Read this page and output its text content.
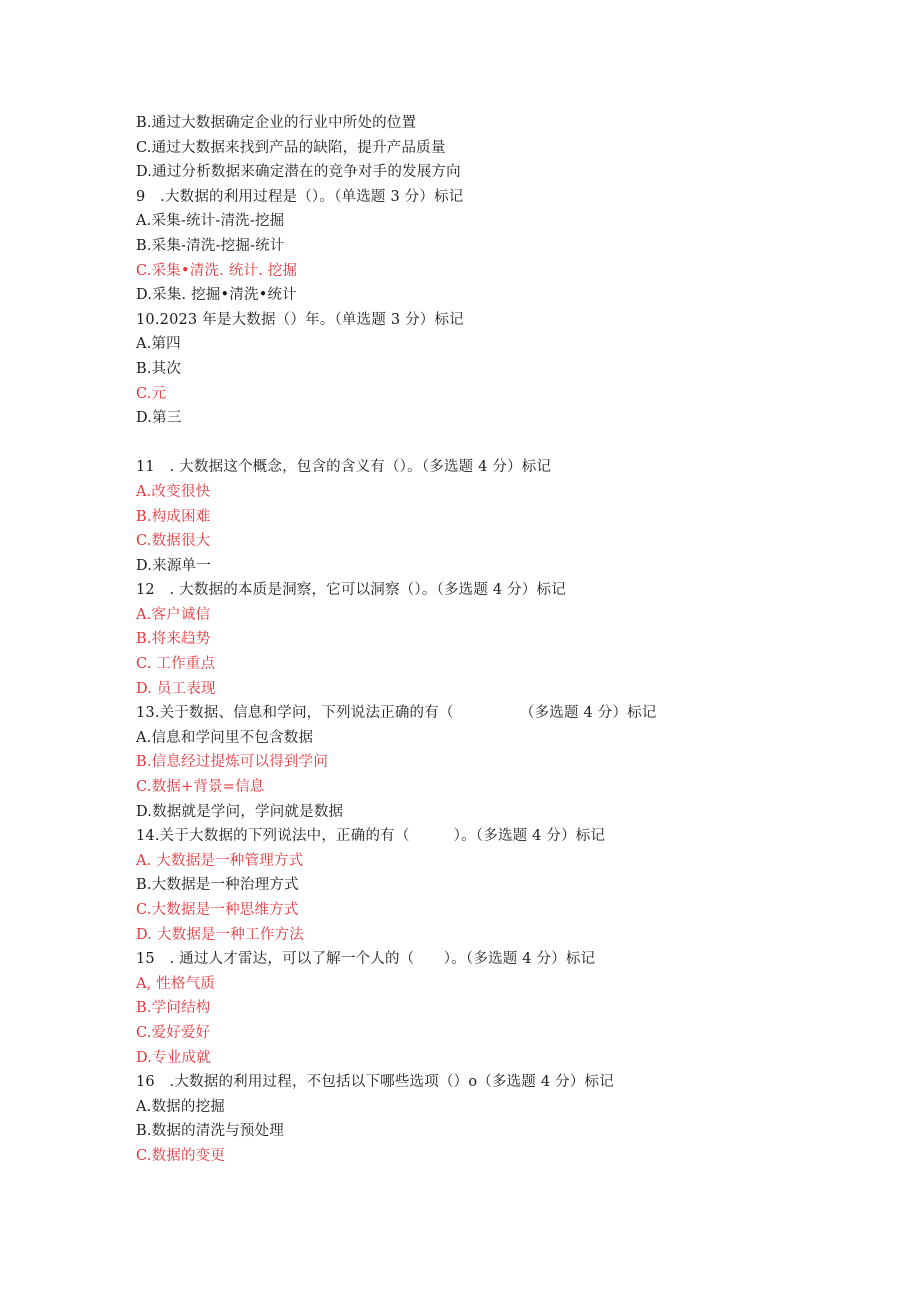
B.通过大数据确定企业的行业中所处的位置
C.通过大数据来找到产品的缺陷，提升产品质量
D.通过分析数据来确定潜在的竞争对手的发展方向
9　.大数据的利用过程是（）。（单选题 3 分）标记
A.采集-统计-清洗-挖掘
B.采集-清洗-挖掘-统计
C.采集•清洗. 统计. 挖掘
D.采集. 挖掘•清洗•统计
10.2023 年是大数据（）年。（单选题 3 分）标记
A.第四
B.其次
C.元
D.第三
11　. 大数据这个概念，包含的含义有（）。（多选题 4 分）标记
A.改变很快
B.构成困难
C.数据很大
D.来源单一
12　. 大数据的本质是洞察，它可以洞察（）。（多选题 4 分）标记
A.客户诚信
B.将来趋势
C. 工作重点
D. 员工表现
13.关于数据、信息和学问，下列说法正确的有（　　　　　（多选题 4 分）标记
A.信息和学问里不包含数据
B.信息经过提炼可以得到学问
C.数据+背景=信息
D.数据就是学问，学问就是数据
14.关于大数据的下列说法中，正确的有（　　　）。（多选题 4 分）标记
A. 大数据是一种管理方式
B.大数据是一种治理方式
C.大数据是一种思维方式
D. 大数据是一种工作方法
15　. 通过人才雷达，可以了解一个人的（　　）。（多选题 4 分）标记
A, 性格气质
B.学问结构
C.爱好爱好
D.专业成就
16　.大数据的利用过程，不包括以下哪些选项（）o（多选题 4 分）标记
A.数据的挖掘
B.数据的清洗与预处理
C.数据的变更
